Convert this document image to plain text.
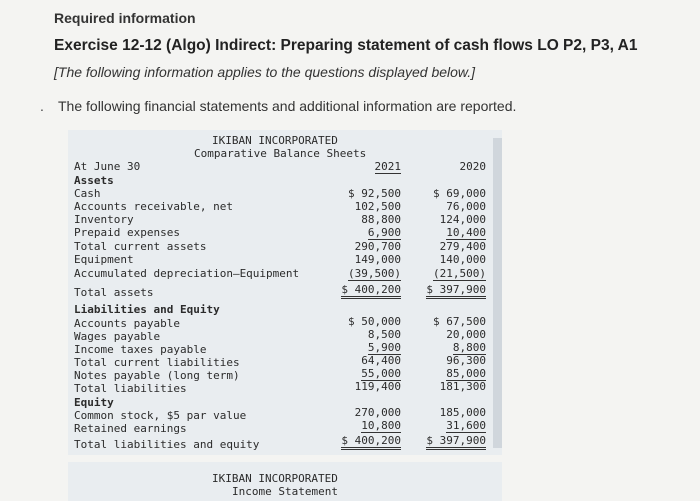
Required information
Exercise 12-12 (Algo) Indirect: Preparing statement of cash flows LO P2, P3, A1
[The following information applies to the questions displayed below.]
. The following financial statements and additional information are reported.
IKIBAN INCORPORATED
Comparative Balance Sheets
At June 30	2021	2020
Assets
Cash	$ 92,500	$ 69,000
Accounts receivable, net	102,500	76,000
Inventory	88,800	124,000
Prepaid expenses	6,900	10,400
Total current assets	290,700	279,400
Equipment	149,000	140,000
Accumulated depreciation—Equipment	(39,500)	(21,500)
Total assets	$ 400,200 $ 397,900
Liabilities and Equity
Accounts payable	$ 50,000	$ 67,500
Wages payable	8,500	20,000
Income taxes payable	5,900	8,800
Total current liabilities	64,400	96,300
Notes payable (long term)	55,000	85,000
Total liabilities	119,400	181,300
Equity
Common stock, $5 par value	270,000	185,000
Retained earnings	10,800	31,600
Total liabilities and equity	$ 400,200 $ 397,900
IKIBAN INCORPORATED
Income Statement
